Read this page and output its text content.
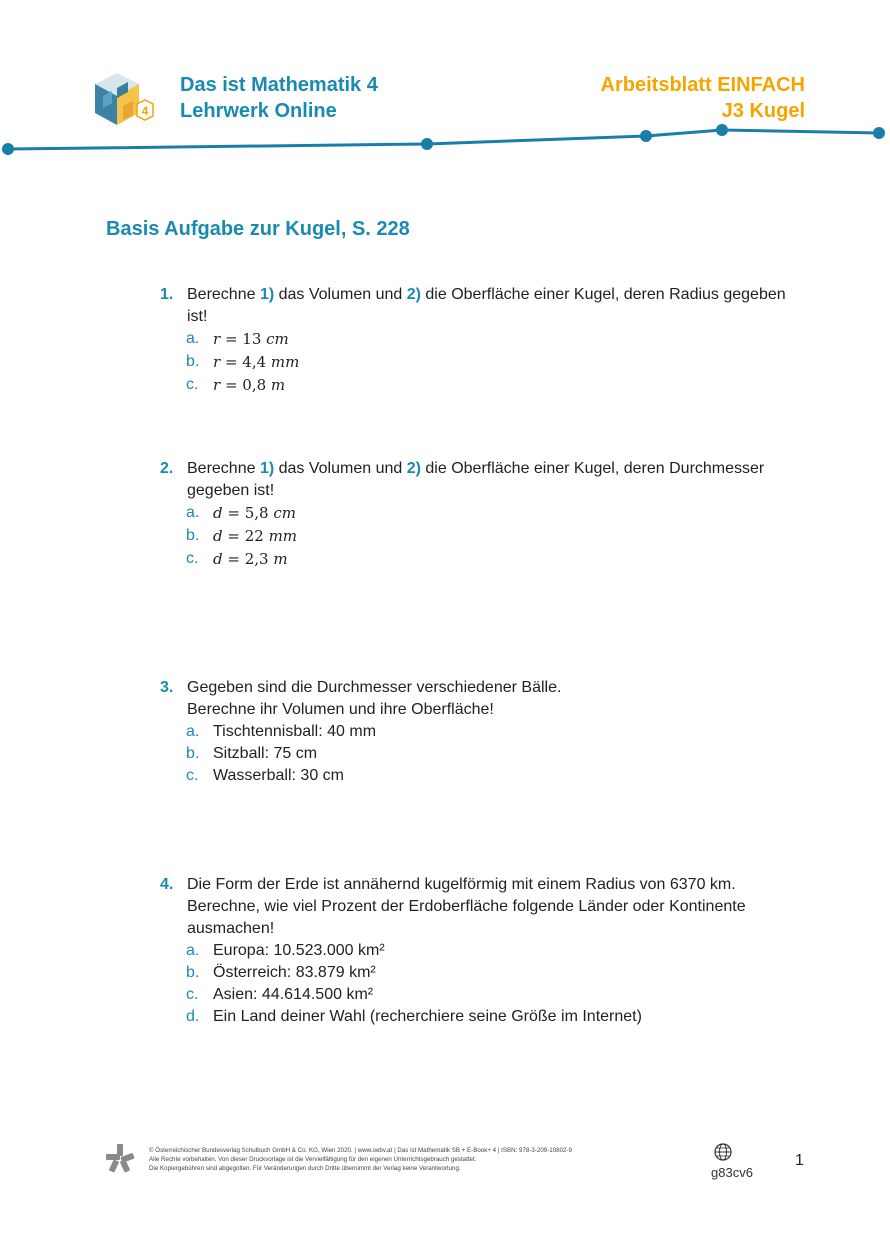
4
Das ist Mathematik 4
Lehrwerk Online
Arbeitsblatt EINFACH
J3 Kugel
Basis Aufgabe zur Kugel, S. 228
1. Berechne 1) das Volumen und 2) die Oberfläche einer Kugel, deren Radius gegeben ist!
a. r = 13 cm
b. r = 4,4 mm
c. r = 0,8 m
2. Berechne 1) das Volumen und 2) die Oberfläche einer Kugel, deren Durchmesser gegeben ist!
a. d = 5,8 cm
b. d = 22 mm
c. d = 2,3 m
3. Gegeben sind die Durchmesser verschiedener Bälle.
Berechne ihr Volumen und ihre Oberfläche!
a. Tischtennisball: 40 mm
b. Sitzball: 75 cm
c. Wasserball: 30 cm
4. Die Form der Erde ist annähernd kugelförmig mit einem Radius von 6370 km.
Berechne, wie viel Prozent der Erdoberfläche folgende Länder oder Kontinente ausmachen!
a. Europa: 10.523.000 km²
b. Österreich: 83.879 km²
c. Asien: 44.614.500 km²
d. Ein Land deiner Wahl (recherchiere seine Größe im Internet)
© Österreichischer Bundesverlag Schulbuch GmbH & Co. KG, Wien 2020. | www.oebv.at | Das ist Mathematik SB + E-Book+ 4 | ISBN: 978-3-209-10802-9
Alle Rechte vorbehalten. Von dieser Druckvorlage ist die Vervielfältigung für den eigenen Unterrichtsgebrauch gestattet.
Die Kopiergebühren sind abgegolten. Für Veränderungen durch Dritte übernimmt der Verlag keine Verantwortung.	g83cv6
1
